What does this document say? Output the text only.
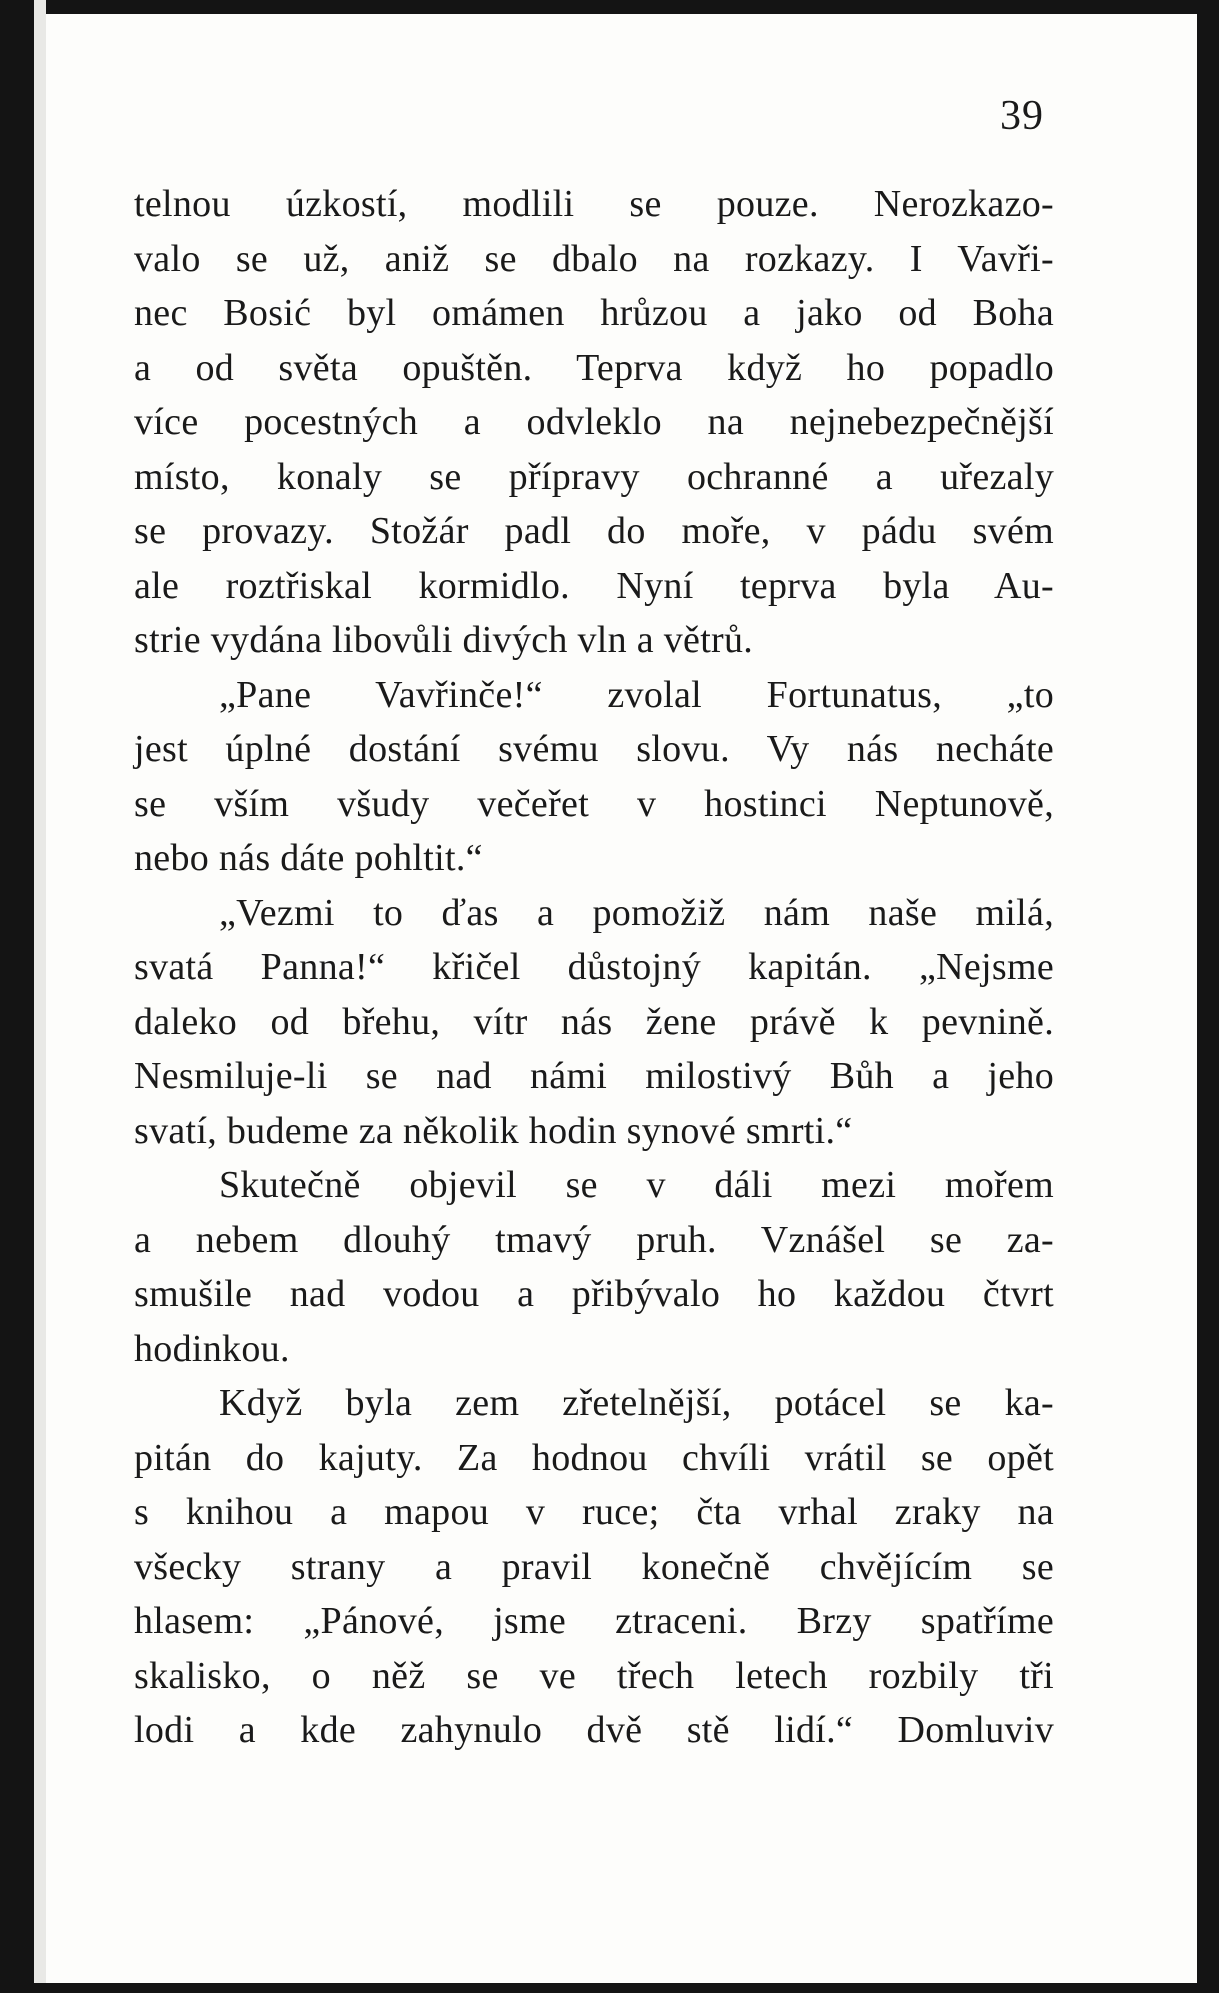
39
telnou úzkostí, modlili se pouze. Nerozkazo-
valo se už, aniž se dbalo na rozkazy. I Vavři-
nec Bosić byl omámen hrůzou a jako od Boha
a od světa opuštěn. Teprva když ho popadlo
více pocestných a odvleklo na nejnebezpečnější
místo, konaly se přípravy ochranné a uřezaly
se provazy. Stožár padl do moře, v pádu svém
ale roztřiskal kormidlo. Nyní teprva byla Au-
strie vydána libovůli divých vln a větrů.
„Pane Vavřinče!“ zvolal Fortunatus, „to
jest úplné dostání svému slovu. Vy nás necháte
se vším všudy večeřet v hostinci Neptunově,
nebo nás dáte pohltit.“
„Vezmi to ďas a pomožiž nám naše milá,
svatá Panna!“ křičel důstojný kapitán. „Nejsme
daleko od břehu, vítr nás žene právě k pevnině.
Nesmiluje-li se nad námi milostivý Bůh a jeho
svatí, budeme za několik hodin synové smrti.“
Skutečně objevil se v dáli mezi mořem
a nebem dlouhý tmavý pruh. Vznášel se za-
smušile nad vodou a přibývalo ho každou čtvrt
hodinkou.
Když byla zem zřetelnější, potácel se ka-
pitán do kajuty. Za hodnou chvíli vrátil se opět
s knihou a mapou v ruce; čta vrhal zraky na
všecky strany a pravil konečně chvějícím se
hlasem: „Pánové, jsme ztraceni. Brzy spatříme
skalisko, o něž se ve třech letech rozbily tři
lodi a kde zahynulo dvě stě lidí.“ Domluviv
